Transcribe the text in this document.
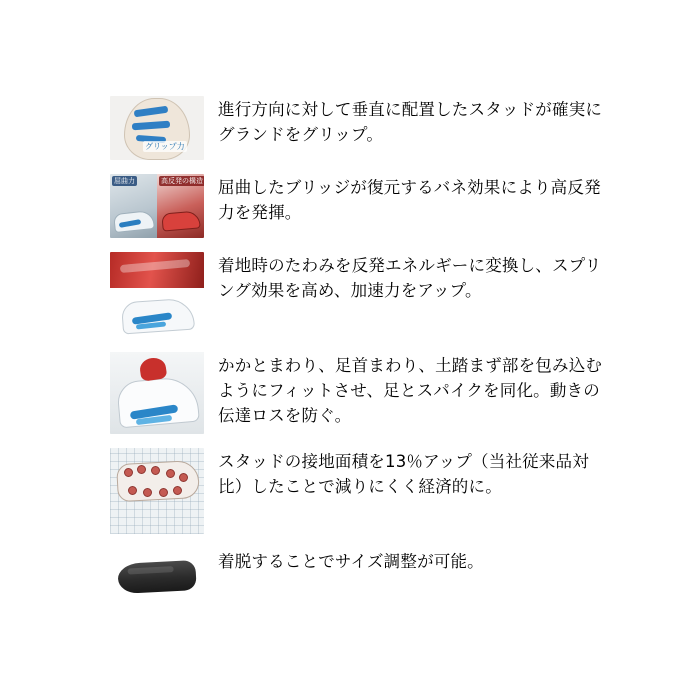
グリップ力
進行方向に対して垂直に配置したスタッドが確実にグランドをグリップ。
屈曲力	高反発の構造 屈曲したブリッジが復元するバネ効果により高反発力を発揮。
着地時のたわみを反発エネルギーに変換し、スプリング効果を高め、加速力をアップ。
かかとまわり、足首まわり、土踏まず部を包み込むようにフィットさせ、足とスパイクを同化。動きの伝達ロスを防ぐ。
スタッドの接地面積を13％アップ（当社従来品対比）したことで減りにくく経済的に。
着脱することでサイズ調整が可能。
